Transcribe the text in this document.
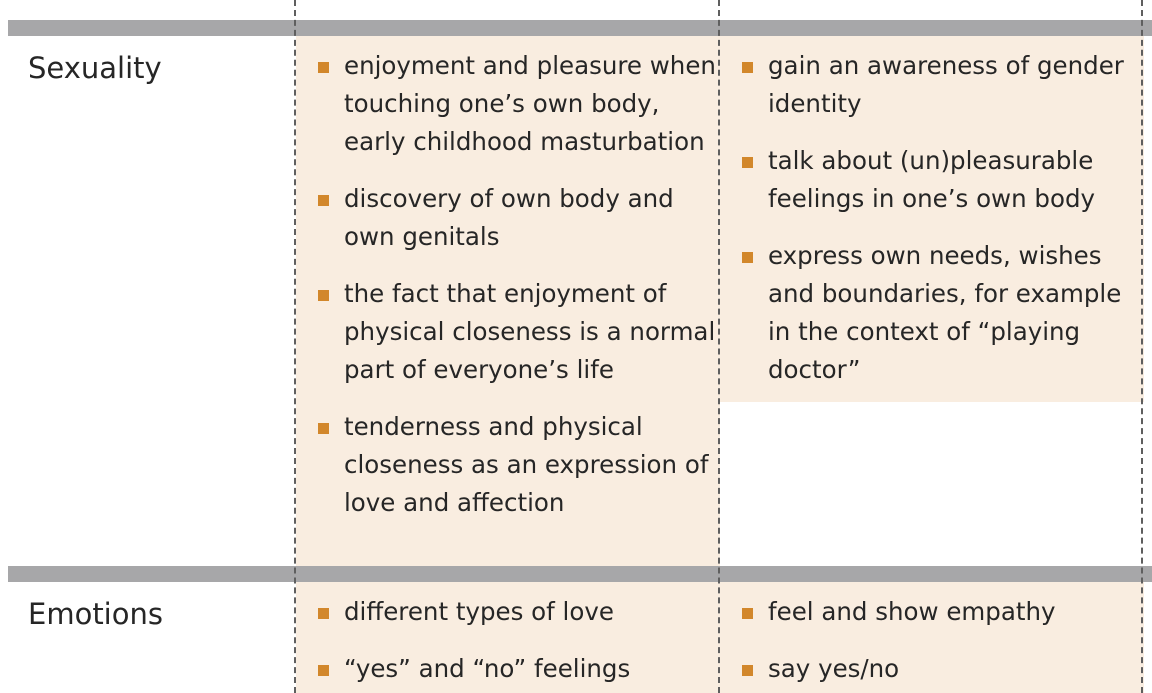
Sexuality	enjoyment and pleasure when
touching one’s own body,
early childhood masturbation
discovery of own body and
own genitals
the fact that enjoyment of
physical closeness is a normal
part of everyone’s life
tenderness and physical
closeness as an expression of
love and affection
gain an awareness of gender
identity
talk about (un)pleasurable
feelings in one’s own body
express own needs, wishes
and boundaries, for example
in the context of “playing
doctor”
Emotions	different types of love
“yes” and “no” feelings
feel and show empathy
say yes/no
